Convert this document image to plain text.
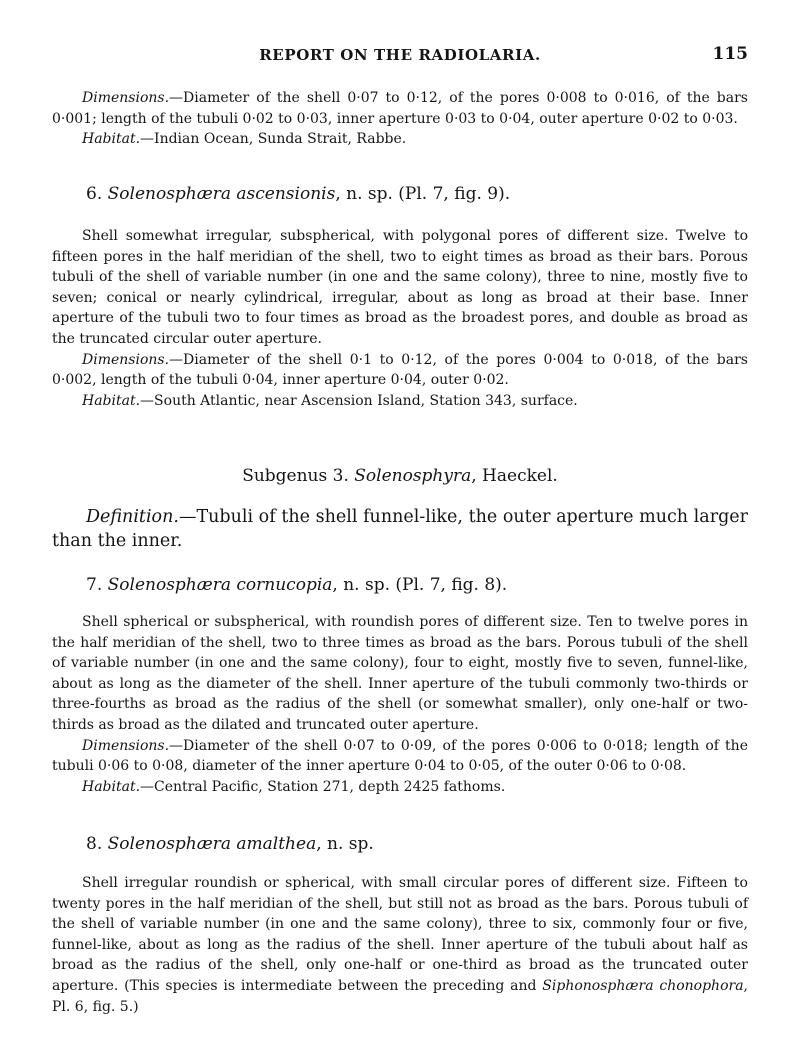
REPORT ON THE RADIOLARIA.	115

Dimensions.—Diameter of the shell 0·07 to 0·12, of the pores 0·008 to 0·016, of the bars 0·001; length of the tubuli 0·02 to 0·03, inner aperture 0·03 to 0·04, outer aperture 0·02 to 0·03.

Habitat.—Indian Ocean, Sunda Strait, Rabbe.

6. Solenosphæra ascensionis, n. sp. (Pl. 7, fig. 9).

Shell somewhat irregular, subspherical, with polygonal pores of different size. Twelve to fifteen pores in the half meridian of the shell, two to eight times as broad as their bars. Porous tubuli of the shell of variable number (in one and the same colony), three to nine, mostly five to seven; conical or nearly cylindrical, irregular, about as long as broad at their base. Inner aperture of the tubuli two to four times as broad as the broadest pores, and double as broad as the truncated circular outer aperture.

Dimensions.—Diameter of the shell 0·1 to 0·12, of the pores 0·004 to 0·018, of the bars 0·002, length of the tubuli 0·04, inner aperture 0·04, outer 0·02.

Habitat.—South Atlantic, near Ascension Island, Station 343, surface.

Subgenus 3. Solenosphyra, Haeckel.

Definition.—Tubuli of the shell funnel-like, the outer aperture much larger than the inner.

7. Solenosphæra cornucopia, n. sp. (Pl. 7, fig. 8).

Shell spherical or subspherical, with roundish pores of different size. Ten to twelve pores in the half meridian of the shell, two to three times as broad as the bars. Porous tubuli of the shell of variable number (in one and the same colony), four to eight, mostly five to seven, funnel-like, about as long as the diameter of the shell. Inner aperture of the tubuli commonly two-thirds or three-fourths as broad as the radius of the shell (or somewhat smaller), only one-half or two-thirds as broad as the dilated and truncated outer aperture.

Dimensions.—Diameter of the shell 0·07 to 0·09, of the pores 0·006 to 0·018; length of the tubuli 0·06 to 0·08, diameter of the inner aperture 0·04 to 0·05, of the outer 0·06 to 0·08.

Habitat.—Central Pacific, Station 271, depth 2425 fathoms.

8. Solenosphæra amalthea, n. sp.

Shell irregular roundish or spherical, with small circular pores of different size. Fifteen to twenty pores in the half meridian of the shell, but still not as broad as the bars. Porous tubuli of the shell of variable number (in one and the same colony), three to six, commonly four or five, funnel-like, about as long as the radius of the shell. Inner aperture of the tubuli about half as broad as the radius of the shell, only one-half or one-third as broad as the truncated outer aperture. (This species is intermediate between the preceding and Siphonosphæra chonophora, Pl. 6, fig. 5.)
